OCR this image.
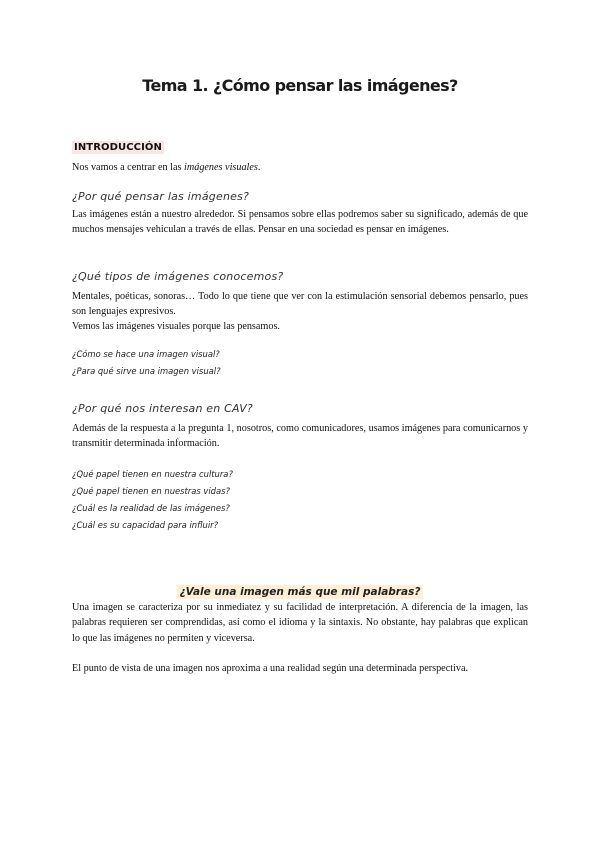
Tema 1. ¿Cómo pensar las imágenes?
INTRODUCCIÓN

Nos vamos a centrar en las imágenes visuales.

¿Por qué pensar las imágenes?

Las imágenes están a nuestro alrededor. Si pensamos sobre ellas podremos saber su significado, además de que muchos mensajes vehiculan a través de ellas. Pensar en una sociedad es pensar en imágenes.

¿Qué tipos de imágenes conocemos?

Mentales, poéticas, sonoras… Todo lo que tiene que ver con la estimulación sensorial debemos pensarlo, pues son lenguajes expresivos.

Vemos las imágenes visuales porque las pensamos.

¿Cómo se hace una imagen visual?
¿Para qué sirve una imagen visual?
¿Por qué nos interesan en CAV?

Además de la respuesta a la pregunta 1, nosotros, como comunicadores, usamos imágenes para comunicarnos y transmitir determinada información.

¿Qué papel tienen en nuestra cultura?
¿Qué papel tienen en nuestras vidas?
¿Cuál es la realidad de las imágenes?
¿Cuál es su capacidad para influir?
¿Vale una imagen más que mil palabras?

Una imagen se caracteriza por su inmediatez y su facilidad de interpretación. A diferencia de la imagen, las palabras requieren ser comprendidas, así como el idioma y la sintaxis. No obstante, hay palabras que explican lo que las imágenes no permiten y viceversa.

El punto de vista de una imagen nos aproxima a una realidad según una determinada perspectiva.
